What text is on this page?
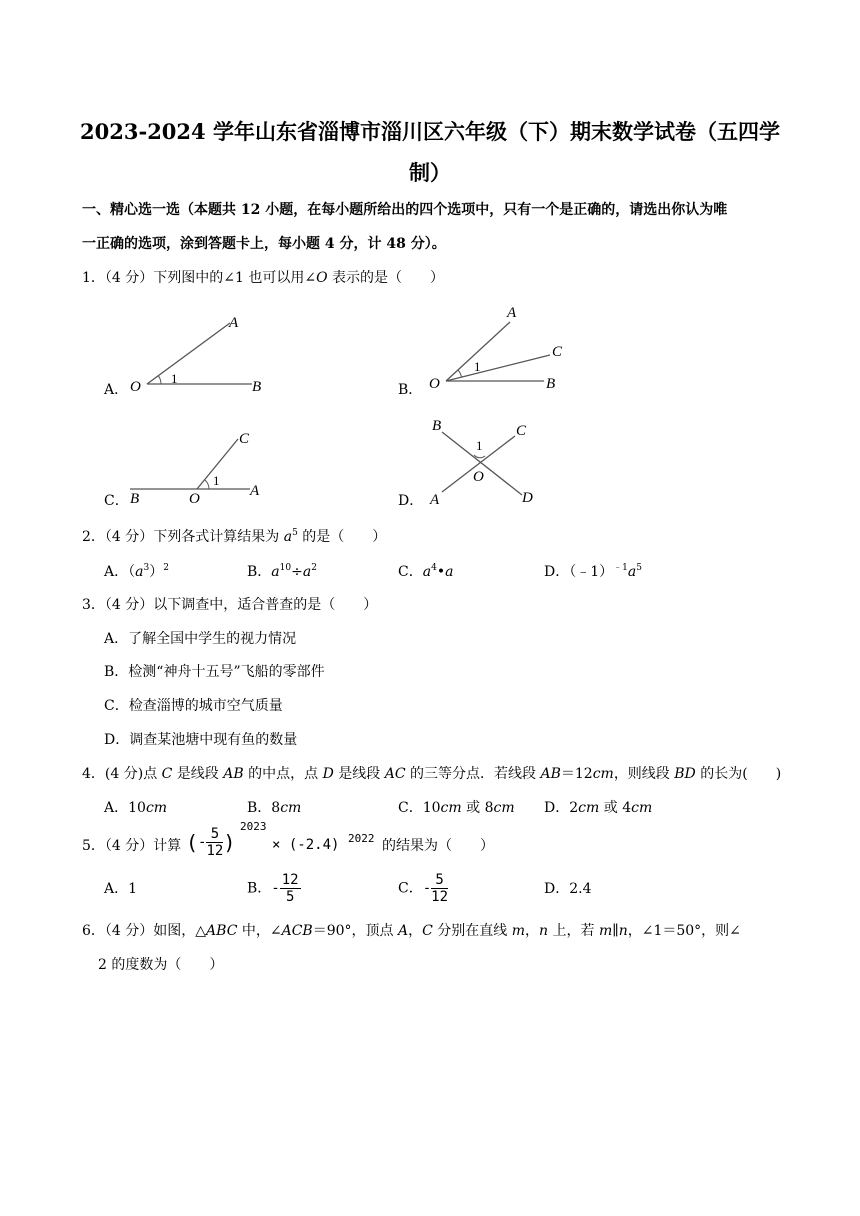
2023-2024 学年山东省淄博市淄川区六年级（下）期末数学试卷（五四学
制）
一、精心选一选（本题共 12 小题，在每小题所给出的四个选项中，只有一个是正确的，请选出你认为唯
一正确的选项，涂到答题卡上，每小题 4 分，计 48 分）。
1．（4 分）下列图中的∠1 也可以用∠O 表示的是（　　）
A． O
A
B
1
B． O
A
C
B
1
C． B	O	A
C
1
D．
B	C
A	D
O
1
2．（4 分）下列各式计算结果为 $a^5$ 的是（　　）
A．$(a^3)^2$	B．$a^{10}\div a^2$	C．$a^4•a$	D．$(﹣1)^{﹣1}a^5$
3．（4 分）以下调查中，适合普查的是（　　）
A．了解全国中学生的视力情况
B．检测“神舟十五号”飞船的零部件
C．检查淄博的城市空气质量
D．调查某池塘中现有鱼的数量
4．(4 分)点 C 是线段 AB 的中点，点 D 是线段 AC 的三等分点．若线段 AB＝12cm，则线段 BD 的长为(　　)
A．10cm	B．8cm	C．10cm 或 8cm D．2cm 或 4cm
5．（4 分）计算 (- $\frac{5}{12}$ )
2023
× (-2.4) 2022 的结果为（　　）
A．1	B．- $\frac{12}{5}$	C．- $\frac{5}{12}$	D．2.4
6．（4 分）如图，△ABC 中，∠ACB＝90°，顶点 A，C 分别在直线 m，n 上，若 m∥n，∠1＝50°，则∠
2 的度数为（　　）
